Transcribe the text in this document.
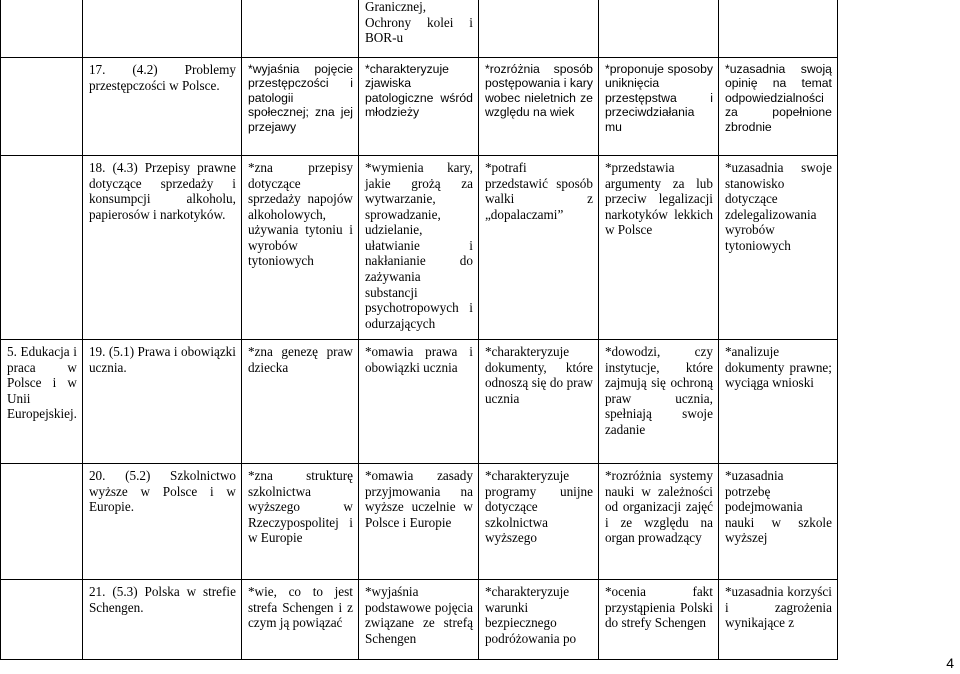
			Granicznej, Ochrony kolei i BOR-u			
	17. (4.2) Problemy przestępczości w Polsce.	*wyjaśnia pojęcie przestępczości i patologii społecznej; zna jej przejawy	*charakteryzuje zjawiska patologiczne wśród młodzieży	*rozróżnia sposób postępowania i kary wobec nieletnich ze względu na wiek	*proponuje sposoby uniknięcia przestępstwa i przeciwdziałania mu	*uzasadnia swoją opinię na temat odpowiedzialności za popełnione zbrodnie
	18. (4.3) Przepisy prawne dotyczące sprzedaży i konsumpcji alkoholu, papierosów i narkotyków.	*zna przepisy dotyczące sprzedaży napojów alkoholowych, używania tytoniu i wyrobów tytoniowych	*wymienia kary, jakie grożą za wytwarzanie, sprowadzanie, udzielanie, ułatwianie i nakłanianie do zażywania substancji psychotropowych i odurzających	*potrafi przedstawić sposób walki z „dopalaczami”	*przedstawia argumenty za lub przeciw legalizacji narkotyków lekkich w Polsce	*uzasadnia swoje stanowisko dotyczące zdelegalizowania wyrobów tytoniowych
5. Edukacja i praca w Polsce i w Unii Europejskiej.	19. (5.1) Prawa i obowiązki ucznia.	*zna genezę praw dziecka	*omawia prawa i obowiązki ucznia	*charakteryzuje dokumenty, które odnoszą się do praw ucznia	*dowodzi, czy instytucje, które zajmują się ochroną praw ucznia, spełniają swoje zadanie	*analizuje dokumenty prawne; wyciąga wnioski
	20. (5.2) Szkolnictwo wyższe w Polsce i w Europie.	*zna strukturę szkolnictwa wyższego w Rzeczypospolitej i w Europie	*omawia zasady przyjmowania na wyższe uczelnie w Polsce i Europie	*charakteryzuje programy unijne dotyczące szkolnictwa wyższego	*rozróżnia systemy nauki w zależności od organizacji zajęć i ze względu na organ prowadzący	*uzasadnia potrzebę podejmowania nauki w szkole wyższej
	21. (5.3) Polska w strefie Schengen.	*wie, co to jest strefa Schengen i z czym ją powiązać	*wyjaśnia podstawowe pojęcia związane ze strefą Schengen	*charakteryzuje warunki bezpiecznego podróżowania po	*ocenia fakt przystąpienia Polski do strefy Schengen	*uzasadnia korzyści i zagrożenia wynikające z
4
